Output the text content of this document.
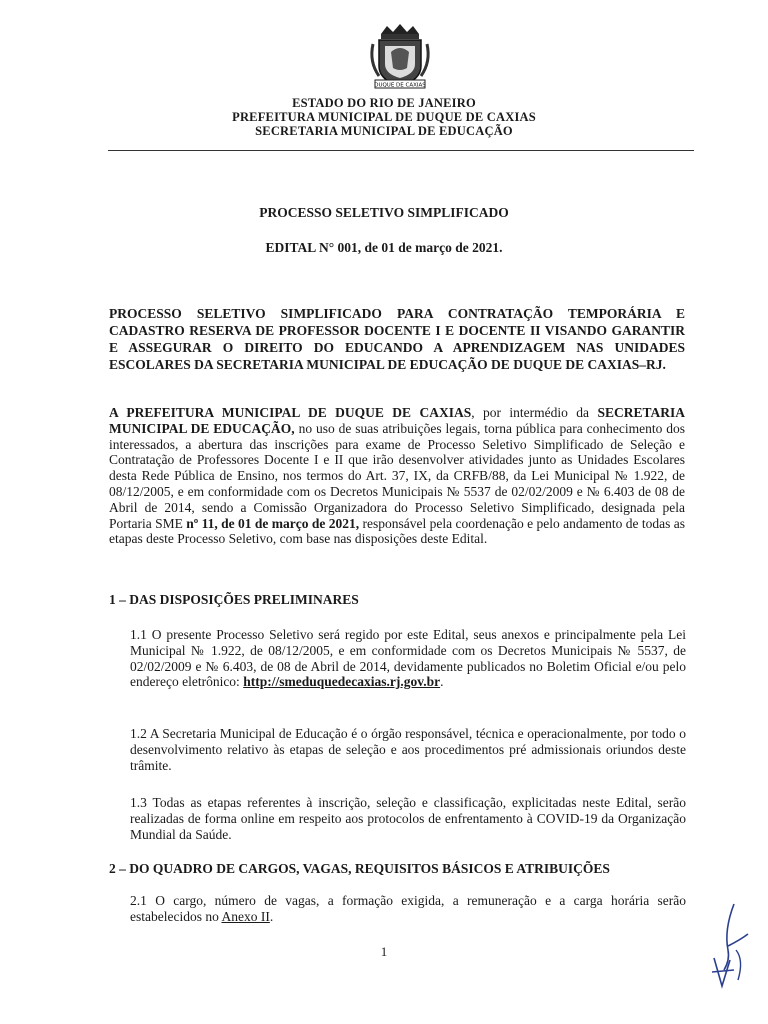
DUQUE DE CAXIAS
ESTADO DO RIO DE JANEIRO
PREFEITURA MUNICIPAL DE DUQUE DE CAXIAS
SECRETARIA MUNICIPAL DE EDUCAÇÃO
PROCESSO SELETIVO SIMPLIFICADO
EDITAL N° 001, de 01 de março de 2021.
PROCESSO SELETIVO SIMPLIFICADO PARA CONTRATAÇÃO TEMPORÁRIA E CADASTRO RESERVA DE PROFESSOR DOCENTE I E DOCENTE II VISANDO GARANTIR E ASSEGURAR O DIREITO DO EDUCANDO A APRENDIZAGEM NAS UNIDADES ESCOLARES DA SECRETARIA MUNICIPAL DE EDUCAÇÃO DE DUQUE DE CAXIAS–RJ.
A PREFEITURA MUNICIPAL DE DUQUE DE CAXIAS, por intermédio da SECRETARIA MUNICIPAL DE EDUCAÇÃO, no uso de suas atribuições legais, torna pública para conhecimento dos interessados, a abertura das inscrições para exame de Processo Seletivo Simplificado de Seleção e Contratação de Professores Docente I e II que irão desenvolver atividades junto as Unidades Escolares desta Rede Pública de Ensino, nos termos do Art. 37, IX, da CRFB/88, da Lei Municipal № 1.922, de 08/12/2005, e em conformidade com os Decretos Municipais № 5537 de 02/02/2009 e № 6.403 de 08 de Abril de 2014, sendo a Comissão Organizadora do Processo Seletivo Simplificado, designada pela Portaria SME nº 11, de 01 de março de 2021, responsável pela coordenação e pelo andamento de todas as etapas deste Processo Seletivo, com base nas disposições deste Edital.
1 – DAS DISPOSIÇÕES PRELIMINARES
1.1 O presente Processo Seletivo será regido por este Edital, seus anexos e principalmente pela Lei Municipal № 1.922, de 08/12/2005, e em conformidade com os Decretos Municipais № 5537, de 02/02/2009 e № 6.403, de 08 de Abril de 2014, devidamente publicados no Boletim Oficial e/ou pelo endereço eletrônico: http://smeduquedecaxias.rj.gov.br.
1.2 A Secretaria Municipal de Educação é o órgão responsável, técnica e operacionalmente, por todo o desenvolvimento relativo às etapas de seleção e aos procedimentos pré admissionais oriundos deste trâmite.
1.3 Todas as etapas referentes à inscrição, seleção e classificação, explicitadas neste Edital, serão realizadas de forma online em respeito aos protocolos de enfrentamento à COVID-19 da Organização Mundial da Saúde.
2 – DO QUADRO DE CARGOS, VAGAS, REQUISITOS BÁSICOS E ATRIBUIÇÕES
2.1 O cargo, número de vagas, a formação exigida, a remuneração e a carga horária serão estabelecidos no Anexo II.
1
